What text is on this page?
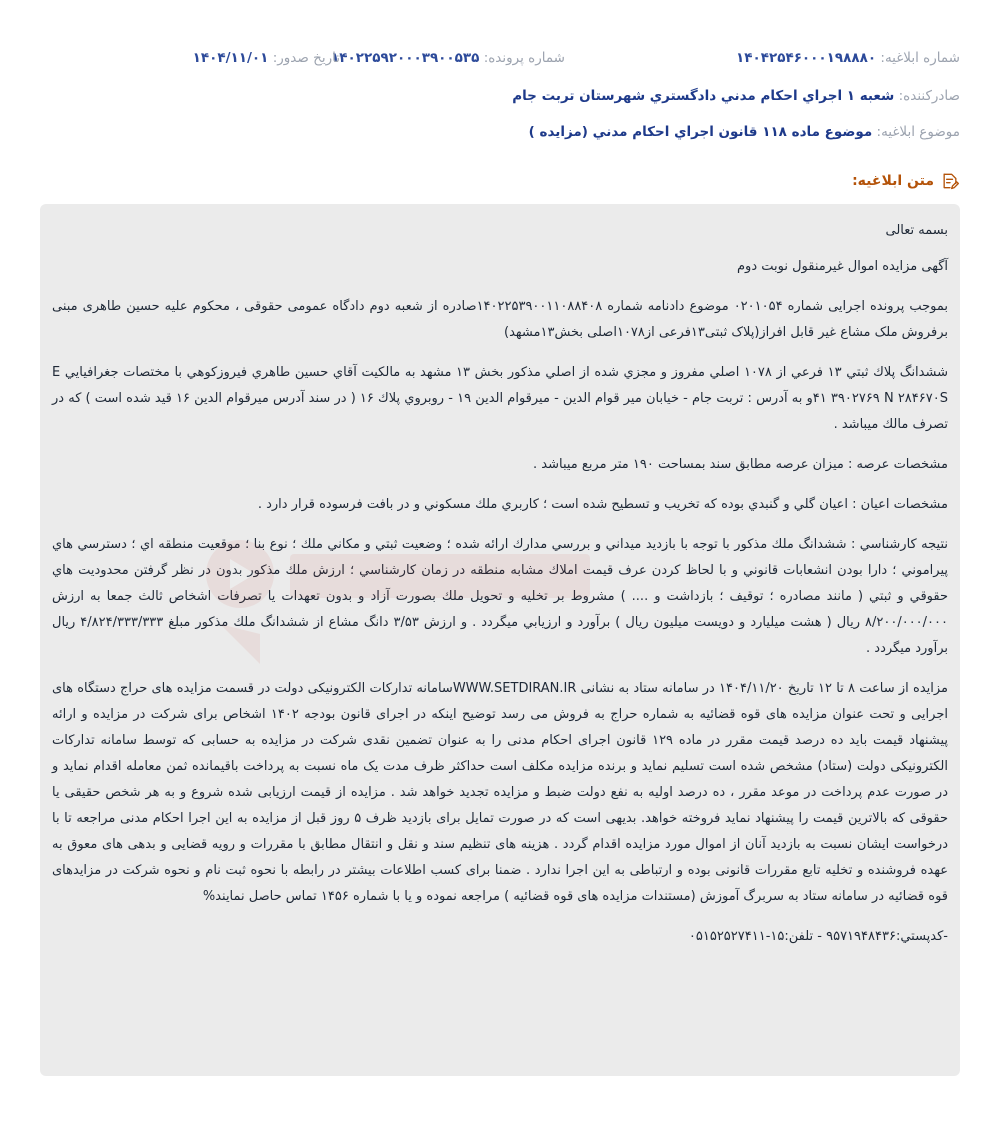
شماره ابلاغیه: ۱۴۰۴۲۵۴۶۰۰۰۱۹۸۸۸۰
شماره پرونده: ۱۴۰۲۲۵۹۲۰۰۰۳۹۰۰۵۳۵
تاریخ صدور: ۱۴۰۴/۱۱/۰۱
صادرکننده: شعبه ۱ اجراي احكام مدني دادگستري شهرستان تربت جام
موضوع ابلاغیه: موضوع ماده ۱۱۸ قانون اجراي احكام مدني (مزايده )
متن ابلاغیه:

بسمه تعالی

آگهی مزایده اموال غیرمنقول نوبت دوم

بموجب پرونده اجرایی شماره ۰۲۰۱۰۵۴ موضوع دادنامه شماره ۱۴۰۲۲۵۳۹۰۰۱۱۰۸۸۴۰۸صادره از شعبه دوم دادگاه عمومی حقوقی ، محکوم علیه حسین طاهری مبنی برفروش ملک مشاع غیر قابل افراز(پلاک ثبتی۱۳فرعی از۱۰۷۸اصلی بخش۱۳مشهد)

ششدانگ پلاك ثبتي ۱۳ فرعي از ۱۰۷۸ اصلي مفروز و مجزي شده از اصلي مذكور بخش ۱۳ مشهد به مالكيت آقاي حسين طاهري فيروزكوهي با مختصات جغرافيايي E ۴۱ ۳۹۰۲۷۶۹ N ۲۸۴۶۷۰Sو به آدرس : تربت جام - خيابان مير قوام الدين - ميرقوام الدين ۱۹ - روبروي پلاك ۱۶ ( در سند آدرس ميرقوام الدين ۱۶ قيد شده است ) كه در تصرف مالك ميباشد .

مشخصات عرصه : ميزان عرصه مطابق سند بمساحت ۱۹۰ متر مربع ميباشد .

مشخصات اعيان : اعيان گلي و گنبدي بوده كه تخريب و تسطيح شده است ؛ كاربري ملك مسكوني و در بافت فرسوده قرار دارد .

نتيجه كارشناسي : ششدانگ ملك مذكور با توجه با بازديد ميداني و بررسي مدارك ارائه شده ؛ وضعيت ثبتي و مكاني ملك ؛ نوع بنا ؛ موقعيت منطقه اي ؛ دسترسي هاي پيراموني ؛ دارا بودن انشعابات قانوني و با لحاظ كردن عرف قيمت املاك مشابه منطقه در زمان كارشناسي ؛ ارزش ملك مذكور بدون در نظر گرفتن محدوديت هاي حقوقي و ثبتي ( مانند مصادره ؛ توقيف ؛ بازداشت و .... ) مشروط بر تخليه و تحويل ملك بصورت آزاد و بدون تعهدات يا تصرفات اشخاص ثالث جمعا به ارزش ۸/۲۰۰/۰۰۰/۰۰۰ ريال ( هشت ميليارد و دويست ميليون ريال ) برآورد و ارزيابي ميگردد . و ارزش ۳/۵۳ دانگ مشاع از ششدانگ ملك مذكور مبلغ ۴/۸۲۴/۳۳۳/۳۳۳ ريال برآورد ميگردد .

مزایده از ساعت ۸ تا ۱۲ تاریخ ۱۴۰۴/۱۱/۲۰ در سامانه ستاد به نشانی WWW.SETDIRAN.IRسامانه تدارکات الکترونیکی دولت در قسمت مزایده های حراج دستگاه های اجرایی و تحت عنوان مزایده های قوه قضائیه به شماره حراج به فروش می رسد توضیح اینکه در اجرای قانون بودجه ۱۴۰۲ اشخاص برای شرکت در مزایده و ارائه پیشنهاد قیمت باید ده درصد قیمت مقرر در ماده ۱۲۹ قانون اجرای احکام مدنی را به عنوان تضمین نقدی شرکت در مزایده به حسابی که توسط سامانه تدارکات الکترونیکی دولت (ستاد) مشخص شده است تسلیم نماید و برنده مزایده مکلف است حداکثر ظرف مدت یک ماه نسبت به پرداخت باقیمانده ثمن معامله اقدام نماید و در صورت عدم پرداخت در موعد مقرر ، ده درصد اولیه به نفع دولت ضبط و مزایده تجدید خواهد شد . مزایده از قیمت ارزیابی شده شروع و به هر شخص حقیقی یا حقوقی که بالاترین قیمت را پیشنهاد نماید فروخته خواهد. بدیهی است که در صورت تمایل برای بازدید ظرف ۵ روز قبل از مزایده به این اجرا احکام مدنی مراجعه تا با درخواست ایشان نسبت به بازدید آنان از اموال مورد مزایده اقدام گردد . هزینه های تنظیم سند و نقل و انتقال مطابق با مقررات و رویه قضایی و بدهی های معوق به عهده فروشنده و تخلیه تابع مقررات قانونی بوده و ارتباطی به این اجرا ندارد . ضمنا برای کسب اطلاعات بیشتر در رابطه با نحوه ثبت نام و نحوه شرکت در مزایدهای قوه قضائیه در سامانه ستاد به سربرگ آموزش (مستندات مزایده های قوه قضائیه ) مراجعه نموده و یا با شماره ۱۴۵۶ تماس حاصل نمایند%

-كدپستي:۹۵۷۱۹۴۸۴۳۶ - تلفن:۱۵-۰۵۱۵۲۵۲۷۴۱۱
